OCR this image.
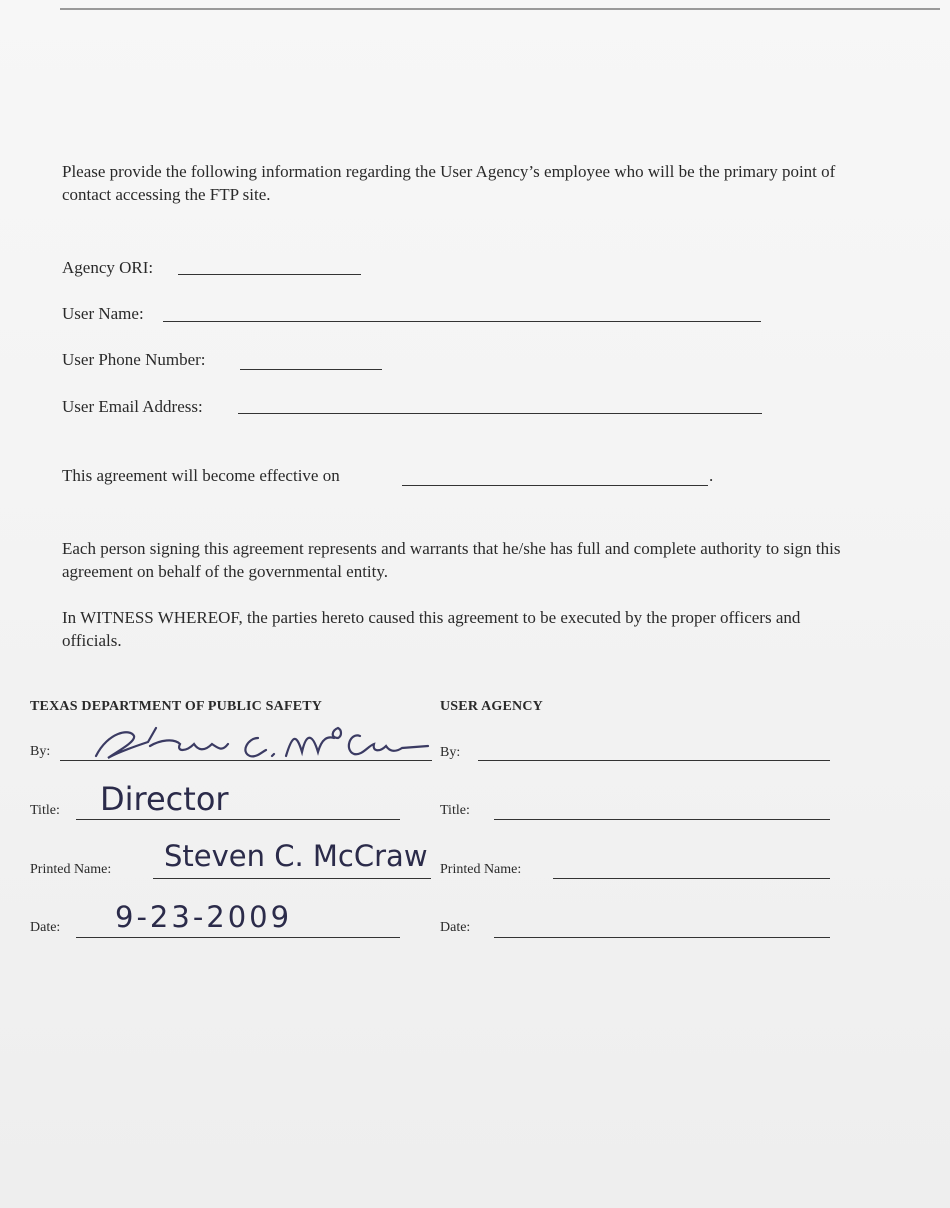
Please provide the following information regarding the User Agency’s employee who will be the primary point of contact accessing the FTP site.
Agency ORI:
User Name:
User Phone Number:
User Email Address:
This agreement will become effective on	.
Each person signing this agreement represents and warrants that he/she has full and complete authority to sign this agreement on behalf of the governmental entity.
In WITNESS WHEREOF, the parties hereto caused this agreement to be executed by the proper officers and officials.
TEXAS DEPARTMENT OF PUBLIC SAFETY	USER AGENCY
By:
Title: Director
Printed Name: Steven C. McCraw
Date: 9-23-2009
By:
Title:
Printed Name:
Date:
